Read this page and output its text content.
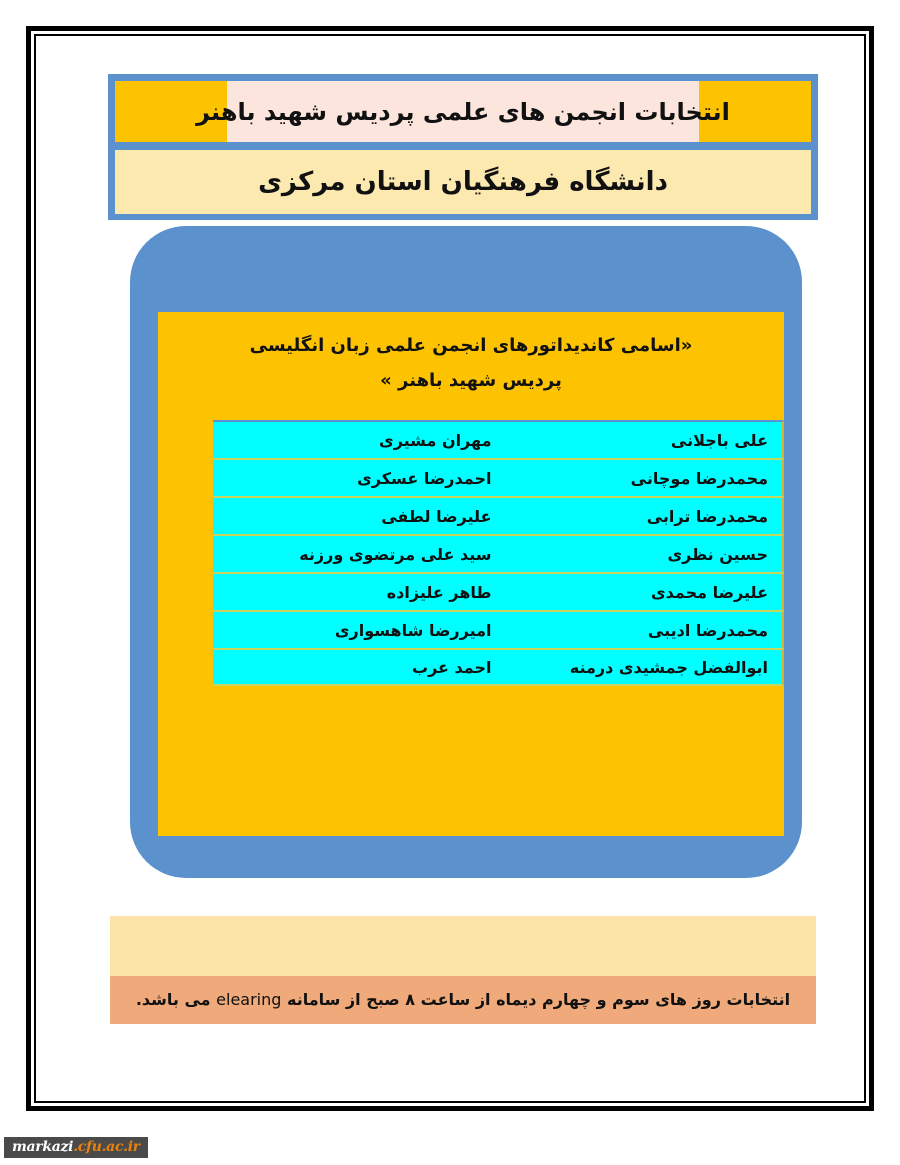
انتخابات انجمن های علمی پردیس شهید باهنر
دانشگاه فرهنگیان استان مرکزی
«اسامی کاندیداتورهای انجمن علمی زبان انگلیسی
پردیس شهید باهنر »
علی باجلانی
مهران مشیری
محمدرضا موچانی
احمدرضا عسکری
محمدرضا ترابی
علیرضا لطفی
حسین نظری
سید علی مرتضوی ورزنه
علیرضا محمدی
طاهر علیزاده
محمدرضا ادیبی
امیررضا شاهسواری
ابوالفضل جمشیدی درمنه
احمد عرب
انتخابات روز های سوم و چهارم دیماه از ساعت ۸ صبح از سامانه elearing می باشد.
markazi.cfu.ac.ir
